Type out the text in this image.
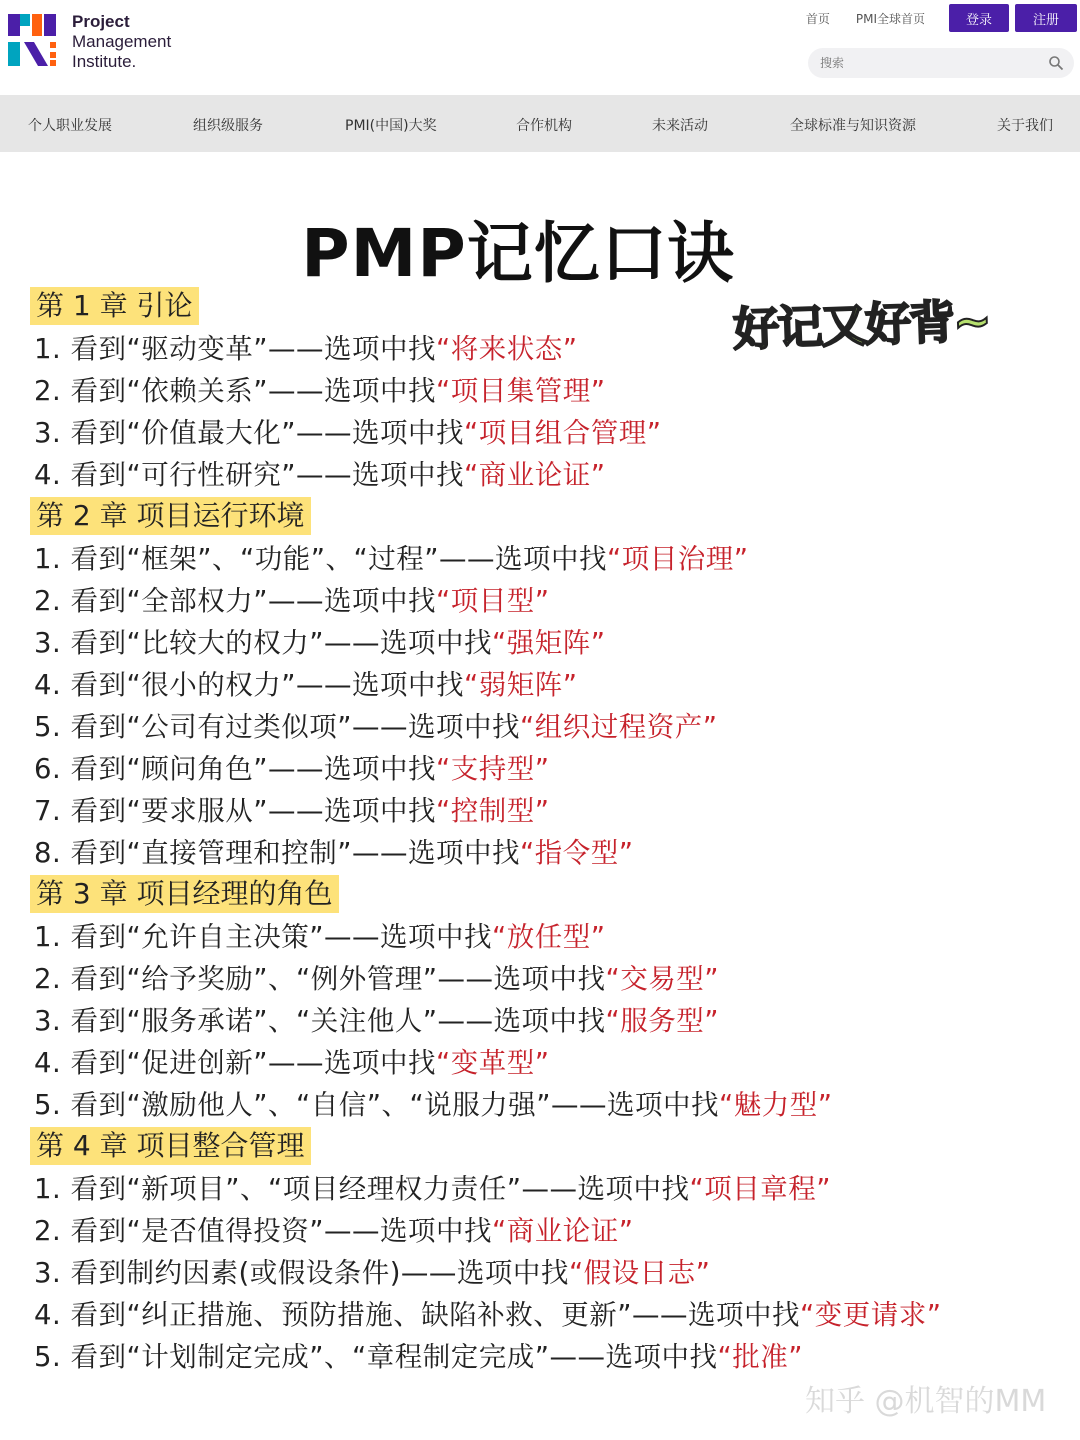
Project
Management
Institute.
首页 PMI全球首页	登录	注册
搜索
个人职业发展	组织级服务	PMI(中国)大奖	合作机构	未来活动	全球标准与知识资源	关于我们
PMP记忆口诀
好记又好背~
第 1 章 引论
1. 看到“驱动变革”——选项中找“将来状态”
2. 看到“依赖关系”——选项中找“项目集管理”
3. 看到“价值最大化”——选项中找“项目组合管理”
4. 看到“可行性研究”——选项中找“商业论证”
第 2 章 项目运行环境
1. 看到“框架”、“功能”、“过程”——选项中找“项目治理”
2. 看到“全部权力”——选项中找“项目型”
3. 看到“比较大的权力”——选项中找“强矩阵”
4. 看到“很小的权力”——选项中找“弱矩阵”
5. 看到“公司有过类似项”——选项中找“组织过程资产”
6. 看到“顾问角色”——选项中找“支持型”
7. 看到“要求服从”——选项中找“控制型”
8. 看到“直接管理和控制”——选项中找“指令型”
第 3 章 项目经理的角色
1. 看到“允许自主决策”——选项中找“放任型”
2. 看到“给予奖励”、“例外管理”——选项中找“交易型”
3. 看到“服务承诺”、“关注他人”——选项中找“服务型”
4. 看到“促进创新”——选项中找“变革型”
5. 看到“激励他人”、“自信”、“说服力强”——选项中找“魅力型”
第 4 章 项目整合管理
1. 看到“新项目”、“项目经理权力责任”——选项中找“项目章程”
2. 看到“是否值得投资”——选项中找“商业论证”
3. 看到制约因素(或假设条件)——选项中找“假设日志”
4. 看到“纠正措施、预防措施、缺陷补救、更新”——选项中找“变更请求”
5. 看到“计划制定完成”、“章程制定完成”——选项中找“批准”
知乎 @机智的MM
